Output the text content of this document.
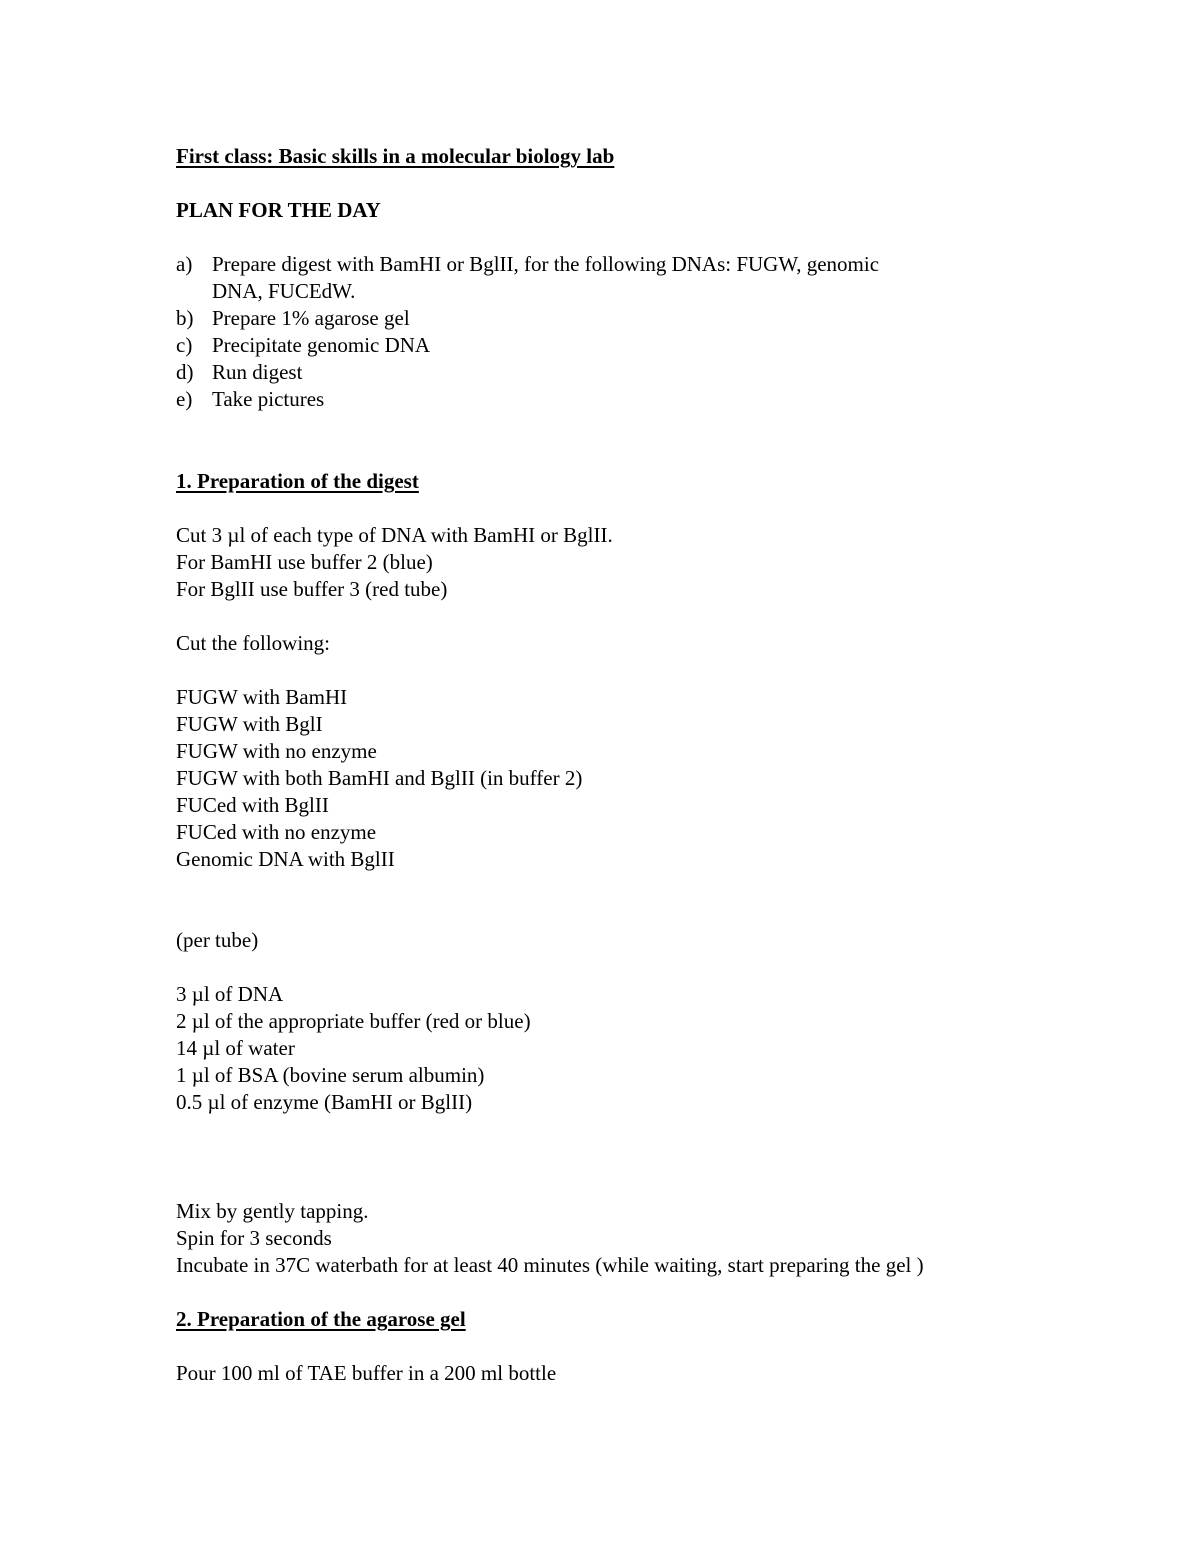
First class: Basic skills in a molecular biology lab
PLAN FOR THE DAY
a) Prepare digest with BamHI or BglII, for the following DNAs: FUGW, genomic
DNA, FUCEdW.
b) Prepare 1% agarose gel
c) Precipitate genomic DNA
d) Run digest
e) Take pictures
1. Preparation of the digest
Cut 3 µl of each type of DNA with BamHI or BglII.
For BamHI use buffer 2 (blue)
For BglII use buffer 3 (red tube)
Cut the following:
FUGW with BamHI
FUGW with BglI
FUGW with no enzyme
FUGW with both BamHI and BglII (in buffer 2)
FUCed with BglII
FUCed with no enzyme
Genomic DNA with BglII
(per tube)
3 µl of DNA
2 µl of the appropriate buffer (red or blue)
14 µl of water
1 µl of BSA (bovine serum albumin)
0.5 µl of enzyme (BamHI or BglII)
Mix by gently tapping.
Spin for 3 seconds
Incubate in 37C waterbath for at least 40 minutes (while waiting, start preparing the gel )
2. Preparation of the agarose gel
Pour 100 ml of TAE buffer in a 200 ml bottle
